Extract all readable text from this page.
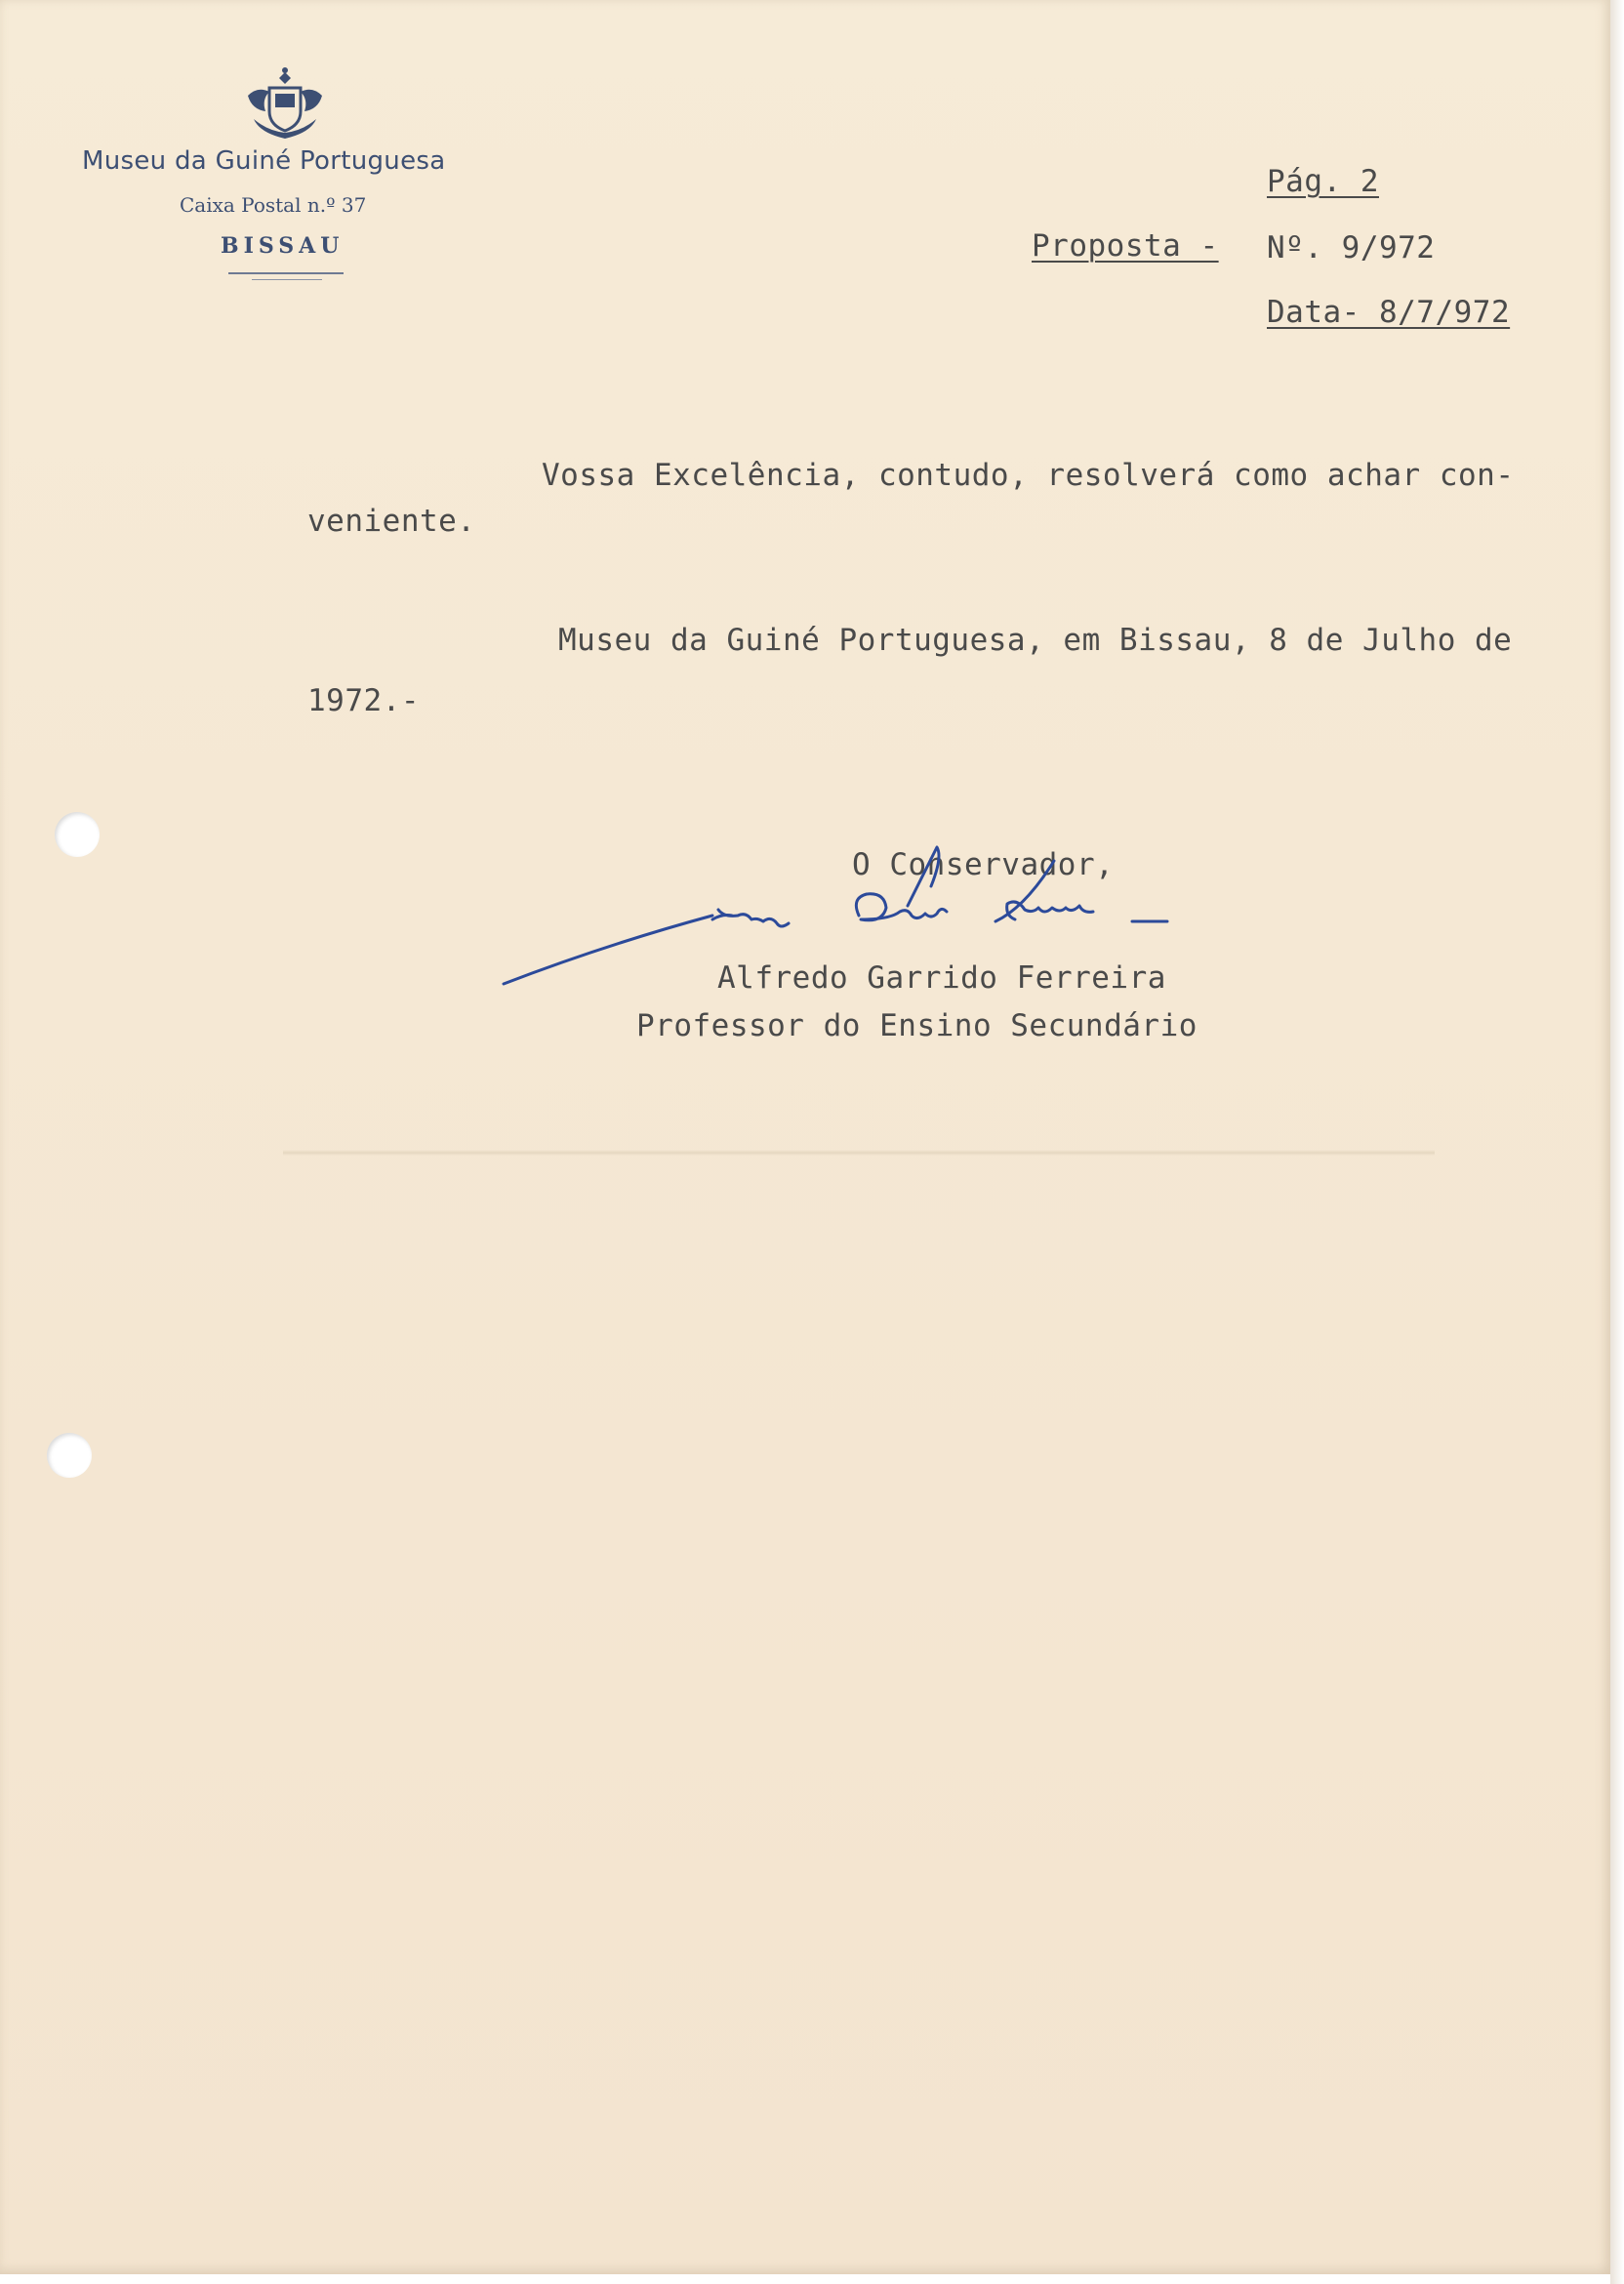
Museu da Guiné Portuguesa
Caixa Postal n.º 37
BISSAU
Pág. 2
Proposta - Nº. 9/972
Data- 8/7/972
Vossa Excelência, contudo, resolverá como achar con-
veniente.
Museu da Guiné Portuguesa, em Bissau, 8 de Julho de
1972.-
O Conservador,
Alfredo Garrido Ferreira
Professor do Ensino Secundário
